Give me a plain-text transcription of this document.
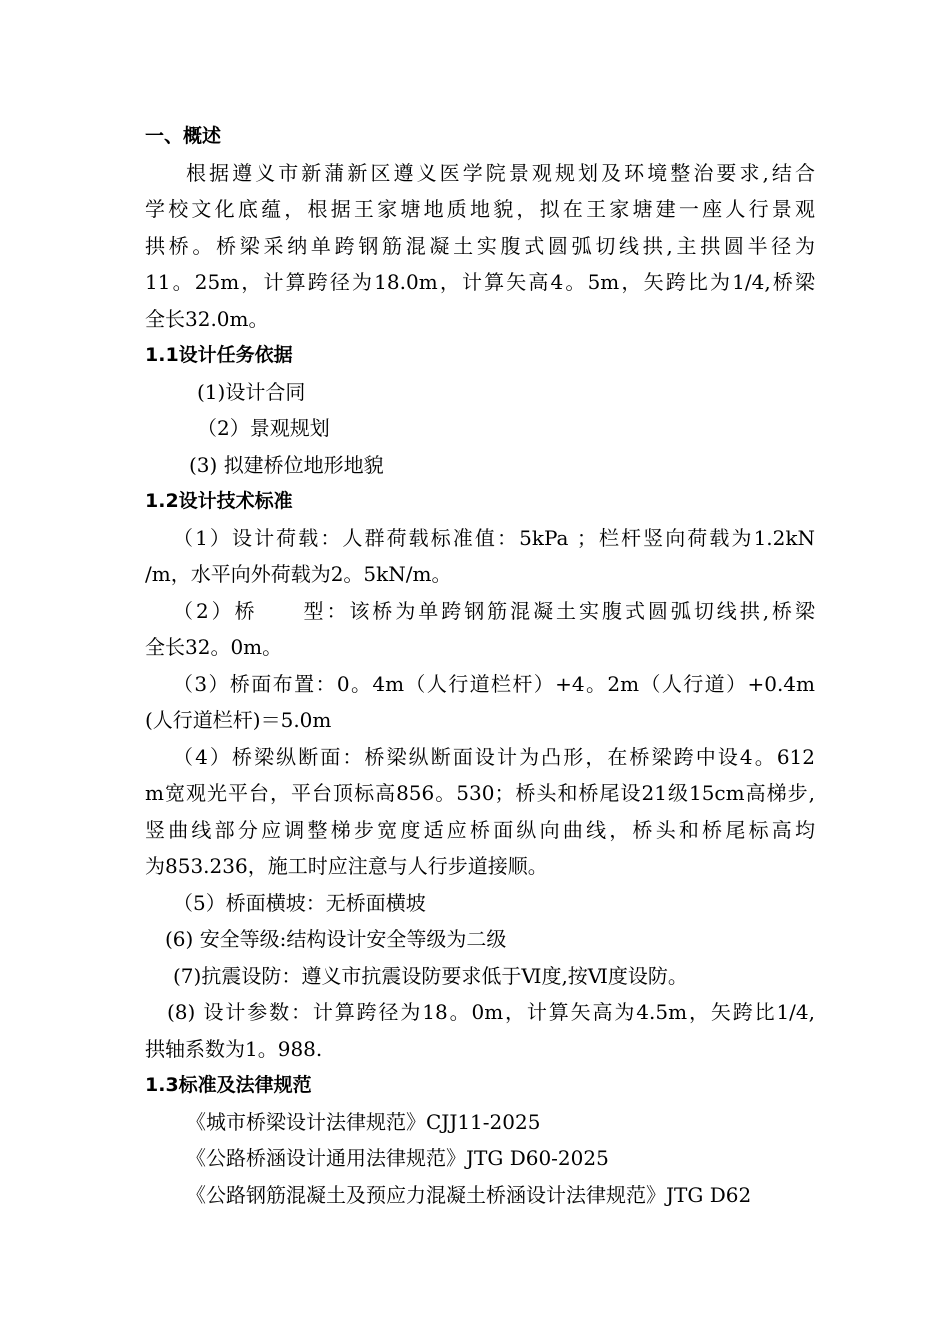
一、概述
根据遵义市新蒲新区遵义医学院景观规划及环境整治要求,结合
学校文化底蕴，根据王家塘地质地貌，拟在王家塘建一座人行景观
拱桥。桥梁采纳单跨钢筋混凝土实腹式圆弧切线拱,主拱圆半径为
11。25m，计算跨径为18.0m，计算矢高4。5m，矢跨比为1/4,桥梁
全长32.0m。
1.1设计任务依据
(1)设计合同
（2）景观规划
(3) 拟建桥位地形地貌
1.2设计技术标准
（1）设计荷载：人群荷载标准值：5kPa ；栏杆竖向荷载为1.2kN
/m，水平向外荷载为2。5kN/m。
（2）桥　　型：该桥为单跨钢筋混凝土实腹式圆弧切线拱,桥梁
全长32。0m。
（3）桥面布置：0。4m（人行道栏杆）+4。2m（人行道）+0.4m
(人行道栏杆)＝5.0m
（4）桥梁纵断面：桥梁纵断面设计为凸形，在桥梁跨中设4。612
m宽观光平台，平台顶标高856。530；桥头和桥尾设21级15cm高梯步,
竖曲线部分应调整梯步宽度适应桥面纵向曲线，桥头和桥尾标高均
为853.236，施工时应注意与人行步道接顺。
（5）桥面横坡：无桥面横坡
(6) 安全等级:结构设计安全等级为二级
(7)抗震设防：遵义市抗震设防要求低于Ⅵ度,按Ⅵ度设防。
(8) 设计参数：计算跨径为18。0m，计算矢高为4.5m，矢跨比1/4,
拱轴系数为1。988.
1.3标准及法律规范
《城市桥梁设计法律规范》CJJ11-2025
《公路桥涵设计通用法律规范》JTG D60-2025
《公路钢筋混凝土及预应力混凝土桥涵设计法律规范》JTG D62
